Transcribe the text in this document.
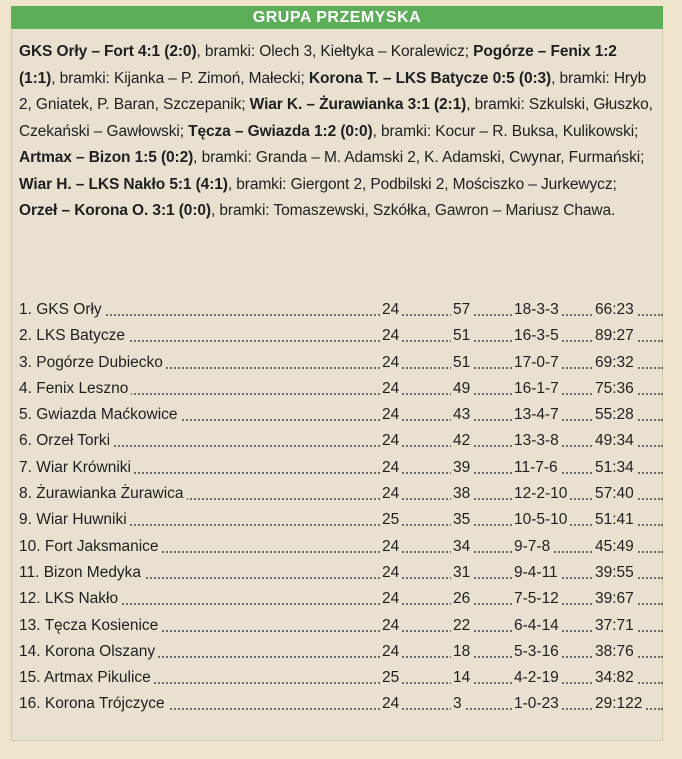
GRUPA PRZEMYSKA
GKS Orły – Fort 4:1 (2:0), bramki: Olech 3, Kiełtyka – Koralewicz; Pogórze – Fenix 1:2 (1:1), bramki: Kijanka – P. Zimoń, Małecki; Korona T. – LKS Batycze 0:5 (0:3), bramki: Hryb 2, Gniatek, P. Baran, Szczepanik; Wiar K. – Żurawianka 3:1 (2:1), bramki: Szkulski, Głuszko, Czekański – Gawłowski; Tęcza – Gwiazda 1:2 (0:0), bramki: Kocur – R. Buksa, Kulikowski; Artmax – Bizon 1:5 (0:2), bramki: Granda – M. Adamski 2, K. Adamski, Cwynar, Furmański; Wiar H. – LKS Nakło 5:1 (4:1), bramki: Giergont 2, Podbilski 2, Mościszko – Jurkewycz; Orzeł – Korona O. 3:1 (0:0), bramki: Tomaszewski, Szkółka, Gawron – Mariusz Chawa.
1. GKS Orły	24	57	18-3-3 66:23
2. LKS Batycze	24	51	16-3-5 89:27
3. Pogórze Dubiecko	24	51	17-0-7 69:32
4. Fenix Leszno	24	49	16-1-7 75:36
5. Gwiazda Maćkowice	24	43	13-4-7 55:28
6. Orzeł Torki	24	42	13-3-8 49:34
7. Wiar Krówniki	24	39	11-7-6 51:34
8. Żurawianka Żurawica	24	38	12-2-10 57:40
9. Wiar Huwniki	25	35	10-5-10 51:41
10. Fort Jaksmanice	24	34	9-7-8	45:49
11. Bizon Medyka	24	31	9-4-11 39:55
12. LKS Nakło	24	26	7-5-12 39:67
13. Tęcza Kosienice	24	22	6-4-14 37:71
14. Korona Olszany	24	18	5-3-16 38:76
15. Artmax Pikulice	25	14	4-2-19 34:82
16. Korona Trójczyce	24	3	1-0-23 29:122
